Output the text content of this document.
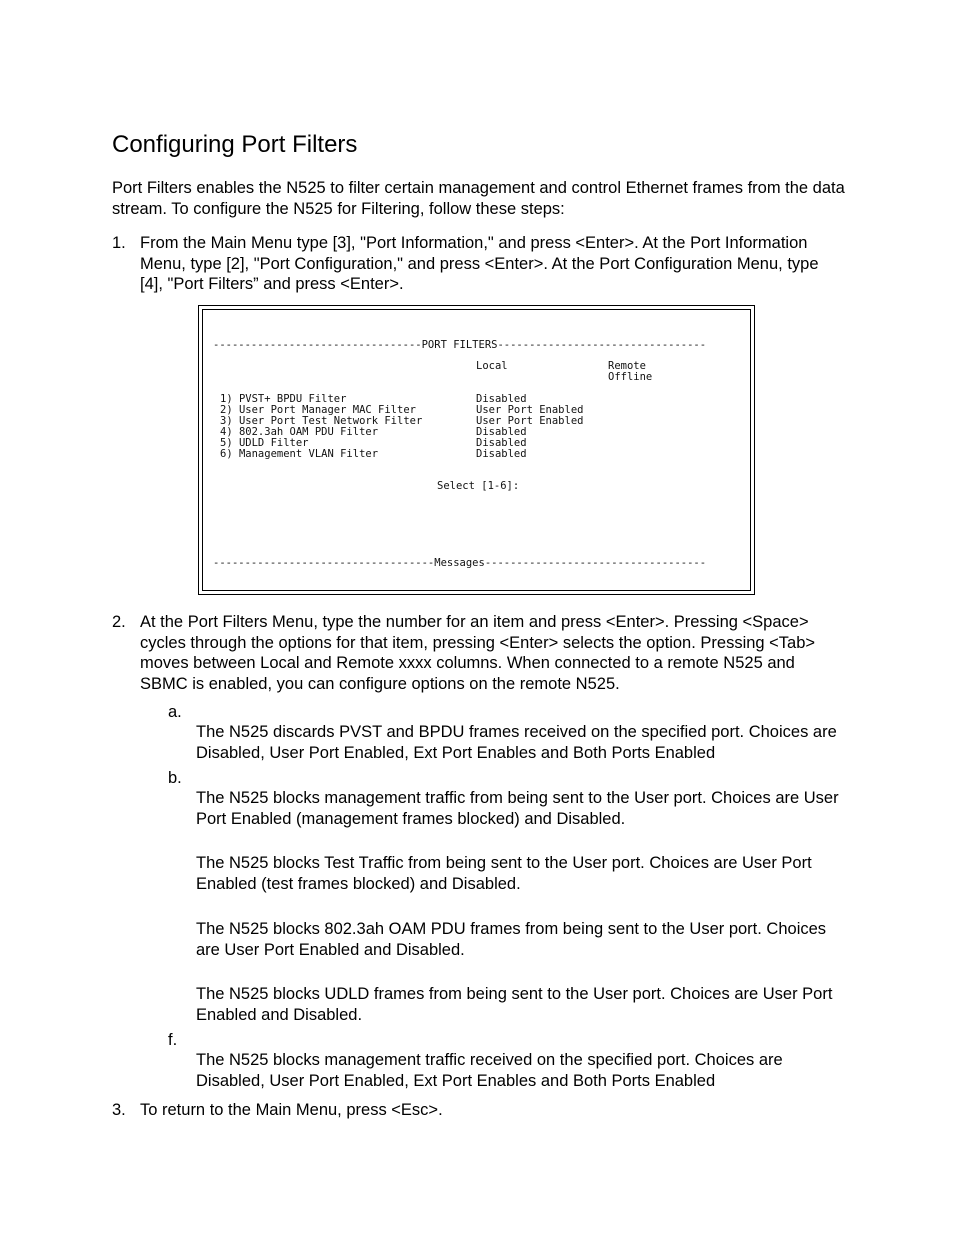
Configuring Port Filters

Port Filters enables the N525 to filter certain management and control Ethernet frames from the data stream. To configure the N525 for Filtering, follow these steps:

1. From the Main Menu type [3], "Port Information," and press <Enter>. At the Port Information Menu, type [2], "Port Configuration," and press <Enter>. At the Port Configuration Menu, type [4], "Port Filters” and press <Enter>.

---------------------------------PORT FILTERS---------------------------------
Local	Remote
Offline
1) PVST+ BPDU Filter	Disabled
2) User Port Manager MAC Filter	User Port Enabled
3) User Port Test Network Filter	User Port Enabled
4) 802.3ah OAM PDU Filter	Disabled
5) UDLD Filter	Disabled
6) Management VLAN Filter	Disabled
Select [1-6]:
-----------------------------------Messages-----------------------------------
2. At the Port Filters Menu, type the number for an item and press <Enter>. Pressing <Space> cycles through the options for that item, pressing <Enter> selects the option. Pressing <Tab> moves between Local and Remote xxxx columns. When connected to a remote N525 and SBMC is enabled, you can configure options on the remote N525.

a.

The N525 discards PVST and BPDU frames received on the specified port. Choices are Disabled, User Port Enabled, Ext Port Enables and Both Ports Enabled

b.

The N525 blocks management traffic from being sent to the User port. Choices are User Port Enabled (management frames blocked) and Disabled.

The N525 blocks Test Traffic from being sent to the User port. Choices are User Port Enabled (test frames blocked) and Disabled.

The N525 blocks 802.3ah OAM PDU frames from being sent to the User port. Choices are User Port Enabled and Disabled.

The N525 blocks UDLD frames from being sent to the User port. Choices are User Port Enabled and Disabled.

f.

The N525 blocks management traffic received on the specified port. Choices are Disabled, User Port Enabled, Ext Port Enables and Both Ports Enabled

3. To return to the Main Menu, press <Esc>.
